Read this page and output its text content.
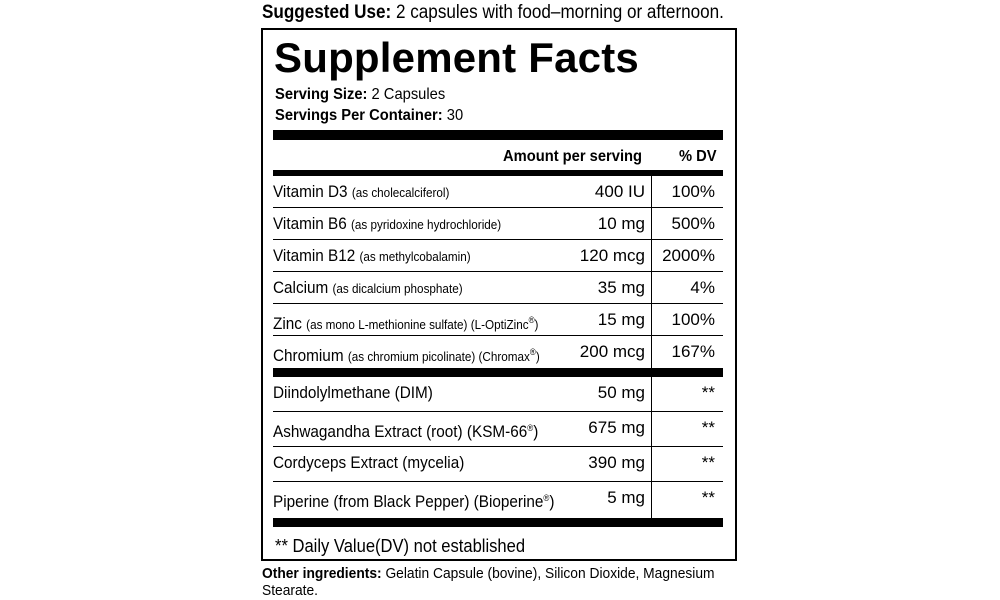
Suggested Use: 2 capsules with food–morning or afternoon.
Supplement Facts
Serving Size: 2 Capsules
Servings Per Container: 30
Amount per serving % DV
Vitamin D3 (as cholecalciferol)	400 IU 100%
Vitamin B6 (as pyridoxine hydrochloride)	10 mg 500%
Vitamin B12 (as methylcobalamin)	120 mcg 2000%
Calcium (as dicalcium phosphate)	35 mg	4%
Zinc (as mono L-methionine sulfate) (L-OptiZinc®)	15 mg 100%
Chromium (as chromium picolinate) (Chromax®) 200 mcg 167%
Diindolylmethane (DIM)	50 mg	**
Ashwagandha Extract (root) (KSM-66®)	675 mg	**
Cordyceps Extract (mycelia)	390 mg	**
Piperine (from Black Pepper) (Bioperine®)	5 mg	**
** Daily Value(DV) not established
Other ingredients: Gelatin Capsule (bovine), Silicon Dioxide, Magnesium Stearate.
